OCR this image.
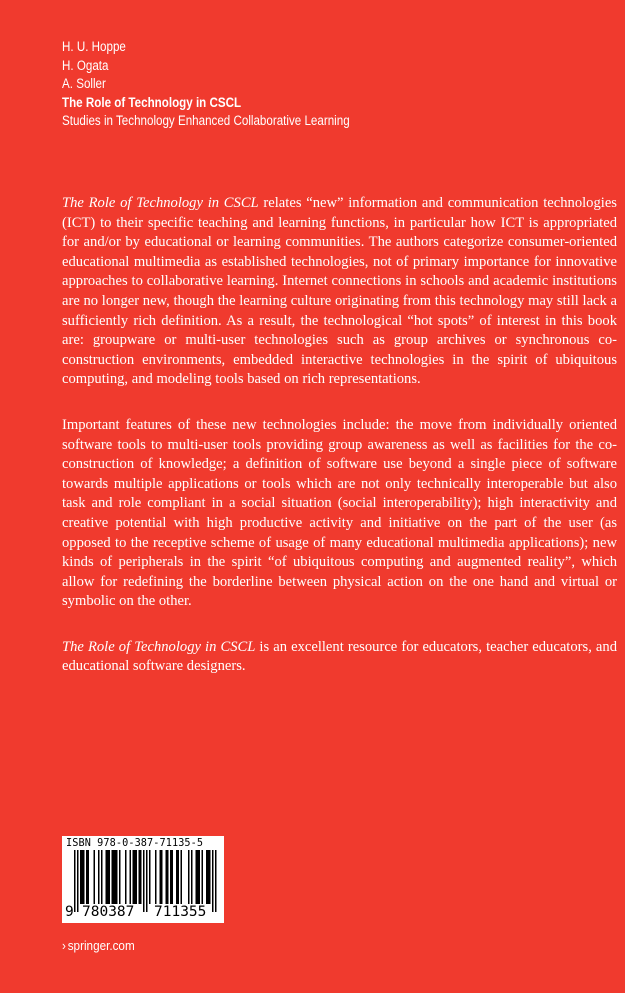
H. U. Hoppe
H. Ogata
A. Soller
The Role of Technology in CSCL
Studies in Technology Enhanced Collaborative Learning

The Role of Technology in CSCL relates “new” information and communication technologies (ICT) to their specific teaching and learning functions, in particular how ICT is appropriated for and/or by educational or learning communities. The authors categorize consumer-oriented educational multimedia as established technologies, not of primary importance for innovative approaches to collaborative learning. Internet connections in schools and academic institutions are no longer new, though the learning culture originating from this technology may still lack a sufficiently rich definition. As a result, the technological “hot spots” of interest in this book are: groupware or multi-user technologies such as group archives or synchronous co-construction environments, embedded interactive technologies in the spirit of ubiquitous computing, and modeling tools based on rich representations.

Important features of these new technologies include: the move from individually oriented software tools to multi-user tools providing group awareness as well as facilities for the co-construction of knowledge; a definition of software use beyond a single piece of software towards multiple applications or tools which are not only technically interoperable but also task and role compliant in a social situation (social interoperability); high interactivity and creative potential with high productive activity and initiative on the part of the user (as opposed to the receptive scheme of usage of many educational multimedia applications); new kinds of peripherals in the spirit “of ubiquitous computing and augmented reality”, which allow for redefining the borderline between physical action on the one hand and virtual or symbolic on the other.

The Role of Technology in CSCL is an excellent resource for educators, teacher educators, and educational software designers.

ISBN 978-0-387-71135-5
9 780387 711355
› springer.com
